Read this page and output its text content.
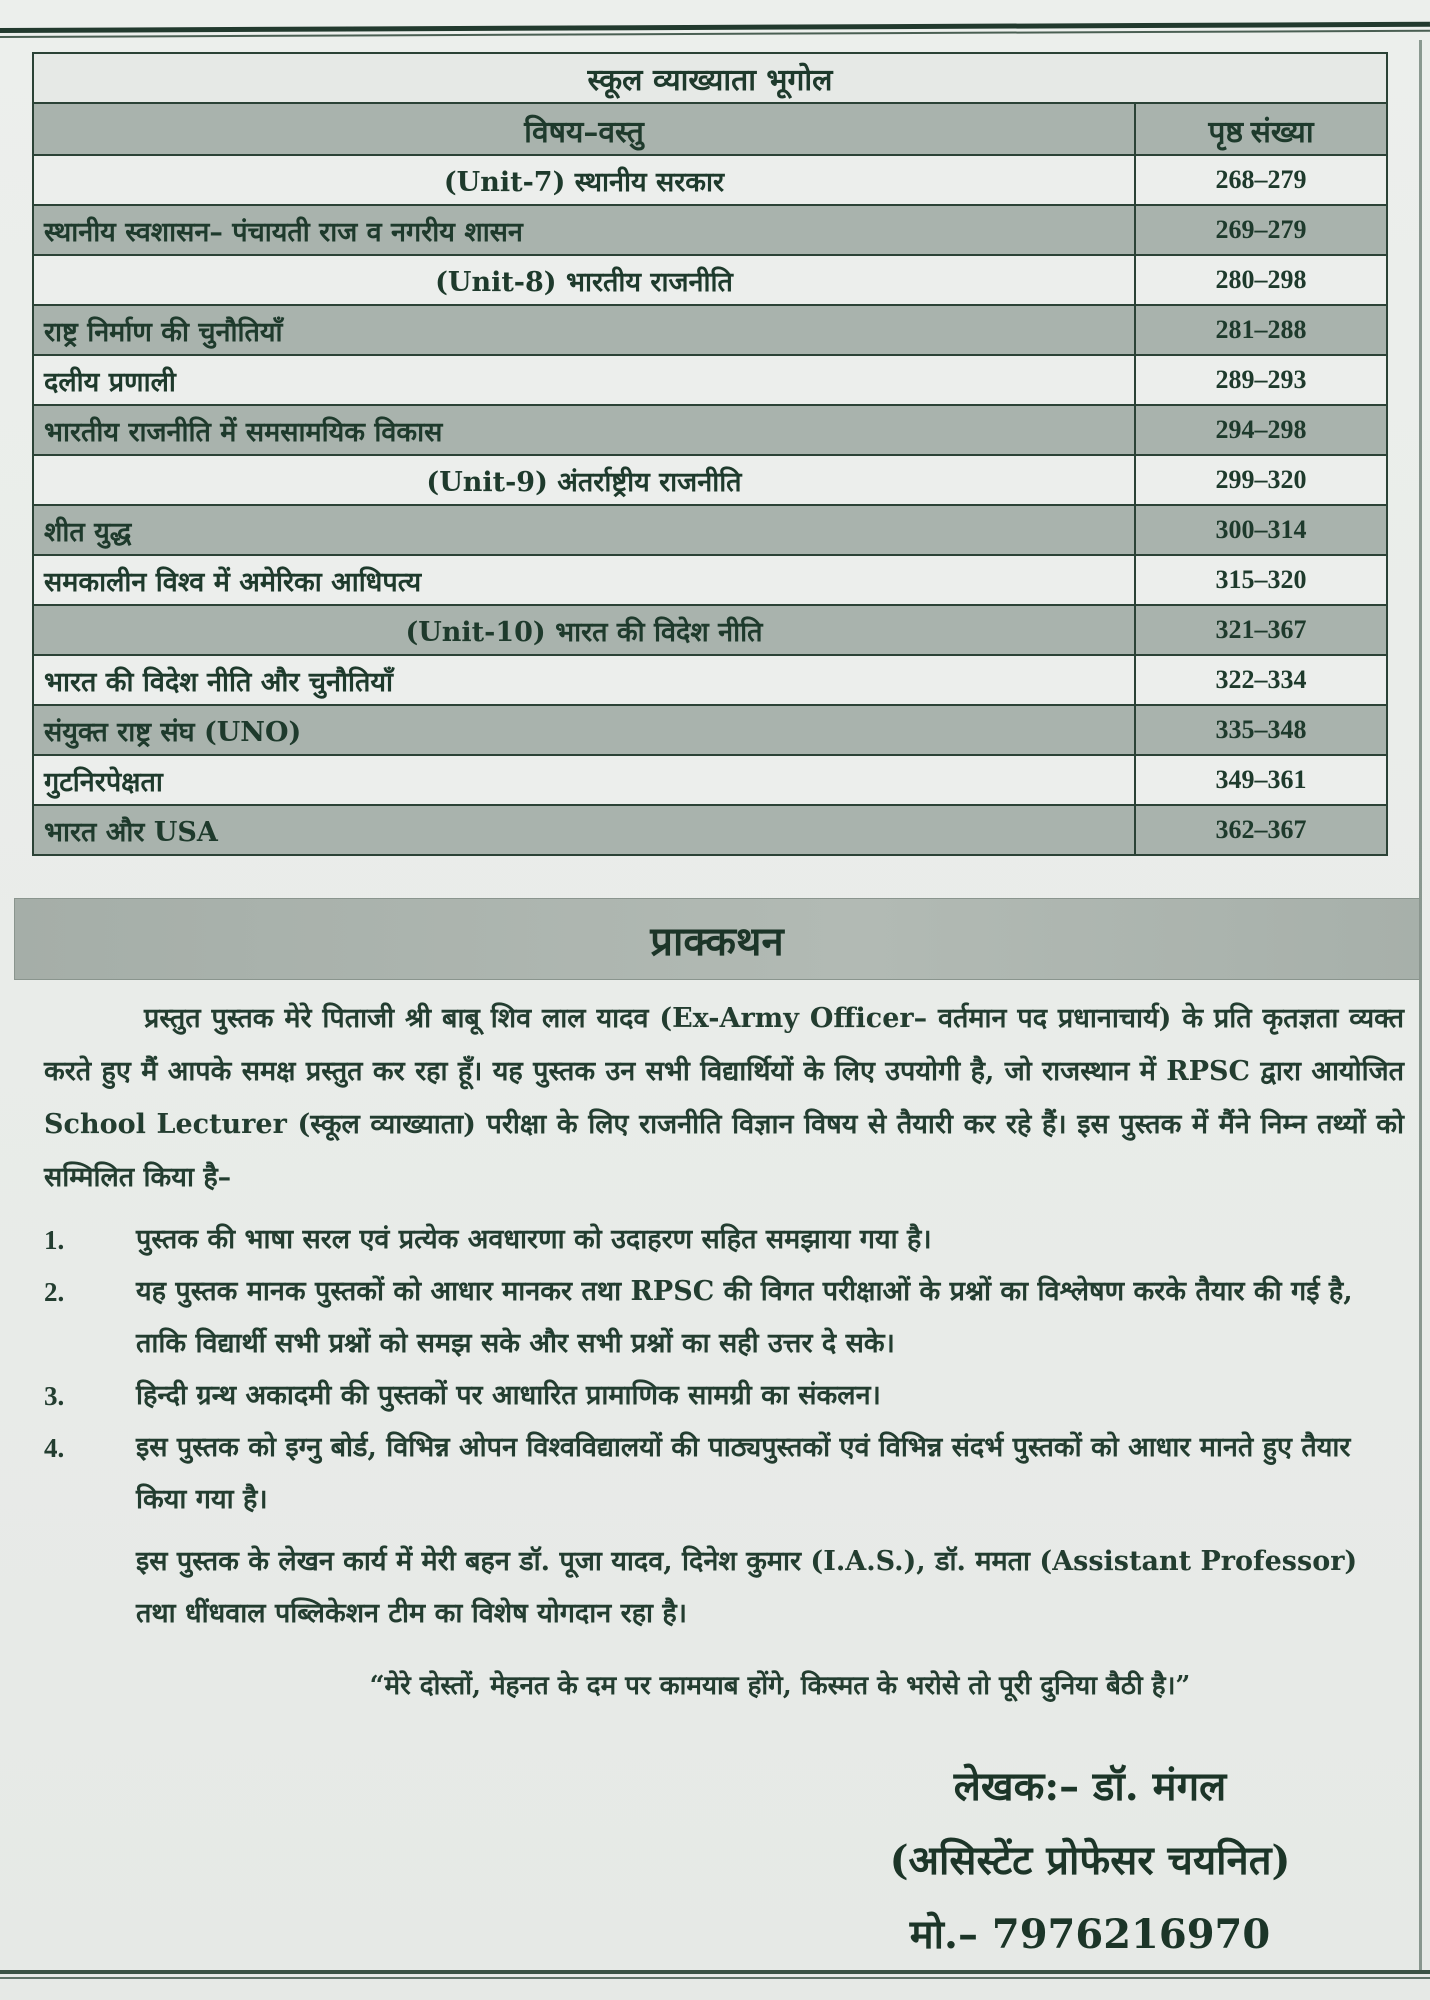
स्कूल व्याख्याता भूगोल
विषय–वस्तु	पृष्ठ संख्या
(Unit-7) स्थानीय सरकार	268–279
स्थानीय स्वशासन– पंचायती राज व नगरीय शासन	269–279
(Unit-8) भारतीय राजनीति	280–298
राष्ट्र निर्माण की चुनौतियाँ	281–288
दलीय प्रणाली	289–293
भारतीय राजनीति में समसामयिक विकास	294–298
(Unit-9) अंतर्राष्ट्रीय राजनीति	299–320
शीत युद्ध	300–314
समकालीन विश्व में अमेरिका आधिपत्य	315–320
(Unit-10) भारत की विदेश नीति	321–367
भारत की विदेश नीति और चुनौतियाँ	322–334
संयुक्त राष्ट्र संघ (UNO)	335–348
गुटनिरपेक्षता	349–361
भारत और USA	362–367
प्राक्कथन

प्रस्तुत पुस्तक मेरे पिताजी श्री बाबू शिव लाल यादव (Ex-Army Officer– वर्तमान पद प्रधानाचार्य) के प्रति कृतज्ञता व्यक्त करते हुए मैं आपके समक्ष प्रस्तुत कर रहा हूँ। यह पुस्तक उन सभी विद्यार्थियों के लिए उपयोगी है, जो राजस्थान में RPSC द्वारा आयोजित School Lecturer (स्कूल व्याख्याता) परीक्षा के लिए राजनीति विज्ञान विषय से तैयारी कर रहे हैं। इस पुस्तक में मैंने निम्न तथ्यों को सम्मिलित किया है–

1.	पुस्तक की भाषा सरल एवं प्रत्येक अवधारणा को उदाहरण सहित समझाया गया है।
2.	यह पुस्तक मानक पुस्तकों को आधार मानकर तथा RPSC की विगत परीक्षाओं के प्रश्नों का विश्लेषण करके तैयार की गई है, ताकि विद्यार्थी सभी प्रश्नों को समझ सके और सभी प्रश्नों का सही उत्तर दे सके।
3.	हिन्दी ग्रन्थ अकादमी की पुस्तकों पर आधारित प्रामाणिक सामग्री का संकलन।
4.	इस पुस्तक को इग्नु बोर्ड, विभिन्न ओपन विश्वविद्यालयों की पाठ्यपुस्तकों एवं विभिन्न संदर्भ पुस्तकों को आधार मानते हुए तैयार किया गया है।

इस पुस्तक के लेखन कार्य में मेरी बहन डॉ. पूजा यादव, दिनेश कुमार (I.A.S.), डॉ. ममता (Assistant Professor) तथा धींधवाल पब्लिकेशन टीम का विशेष योगदान रहा है।

“मेरे दोस्तों, मेहनत के दम पर कामयाब होंगे, किस्मत के भरोसे तो पूरी दुनिया बैठी है।”
लेखक:– डॉ. मंगल
(असिस्टेंट प्रोफेसर चयनित)
मो.– 7976216970
